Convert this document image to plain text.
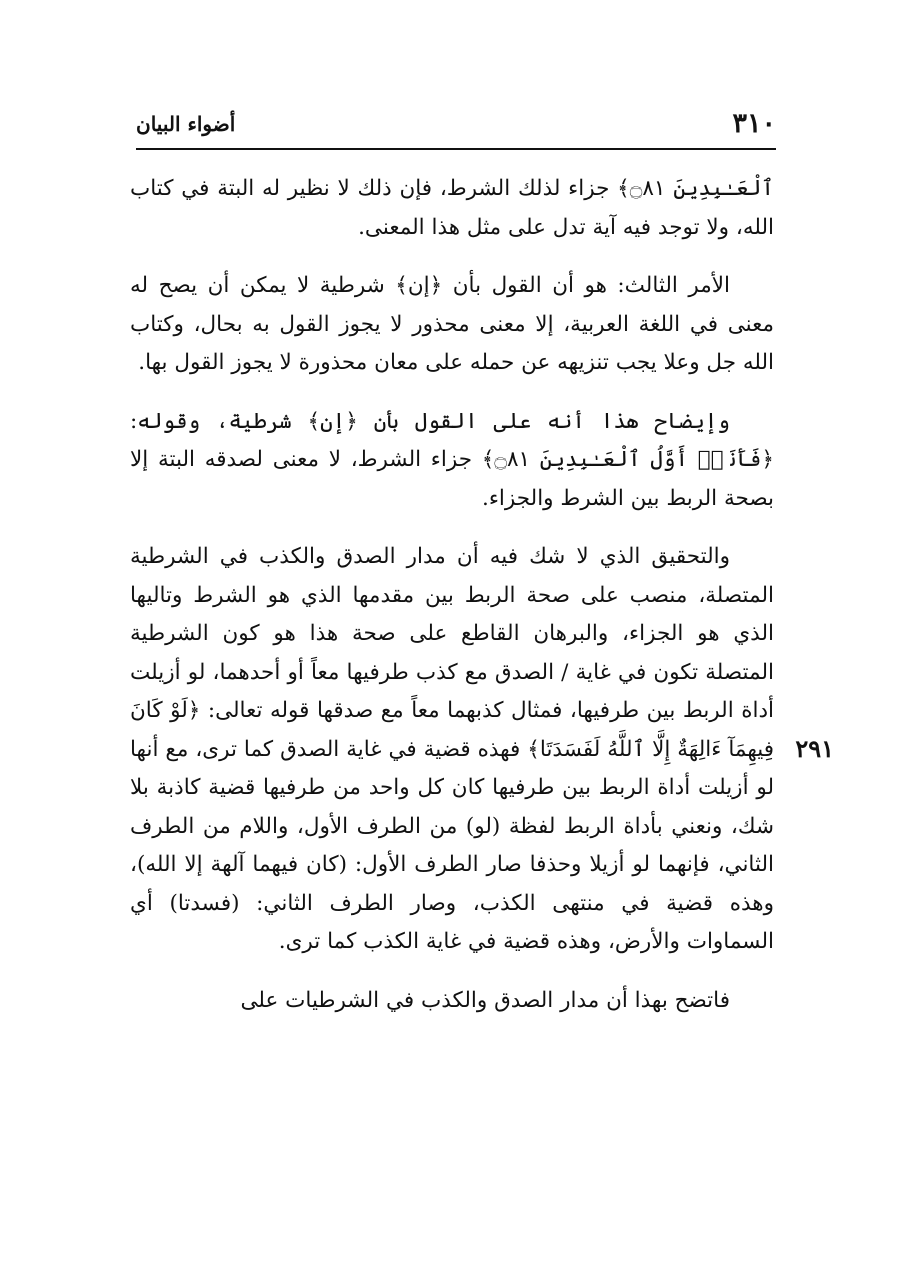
٣١٠
أضواء البيان
٢٩١

ٱلْعَـٰبِدِينَ ۝٨١﴾ جزاء لذلك الشرط، فإن ذلك لا نظير له البتة في كتاب الله، ولا توجد فيه آية تدل على مثل هذا المعنى.

الأمر الثالث: هو أن القول بأن ﴿إن﴾ شرطية لا يمكن أن يصح له معنى في اللغة العربية، إلا معنى محذور لا يجوز القول به بحال، وكتاب الله جل وعلا يجب تنزيهه عن حمله على معان محذورة لا يجوز القول بها.

وإيضاح هذا أنه على القول بأن ﴿إن﴾ شرطية، وقوله: ﴿فَأَنَا۠ أَوَّلُ ٱلْعَـٰبِدِينَ ۝٨١﴾ جزاء الشرط، لا معنى لصدقه البتة إلا بصحة الربط بين الشرط والجزاء.

والتحقيق الذي لا شك فيه أن مدار الصدق والكذب في الشرطية المتصلة، منصب على صحة الربط بين مقدمها الذي هو الشرط وتاليها الذي هو الجزاء، والبرهان القاطع على صحة هذا هو كون الشرطية المتصلة تكون في غاية / الصدق مع كذب طرفيها معاً أو أحدهما، لو أزيلت أداة الربط بين طرفيها، فمثال كذبهما معاً مع صدقها قوله تعالى: ﴿لَوْ كَانَ فِيهِمَآ ءَالِهَةٌ إِلَّا ٱللَّهُ لَفَسَدَتَا﴾ فهذه قضية في غاية الصدق كما ترى، مع أنها لو أزيلت أداة الربط بين طرفيها كان كل واحد من طرفيها قضية كاذبة بلا شك، ونعني بأداة الربط لفظة (لو) من الطرف الأول، واللام من الطرف الثاني، فإنهما لو أزيلا وحذفا صار الطرف الأول: (كان فيهما آلهة إلا الله)، وهذه قضية في منتهى الكذب، وصار الطرف الثاني: (فسدتا) أي السماوات والأرض، وهذه قضية في غاية الكذب كما ترى.

فاتضح بهذا أن مدار الصدق والكذب في الشرطيات على
